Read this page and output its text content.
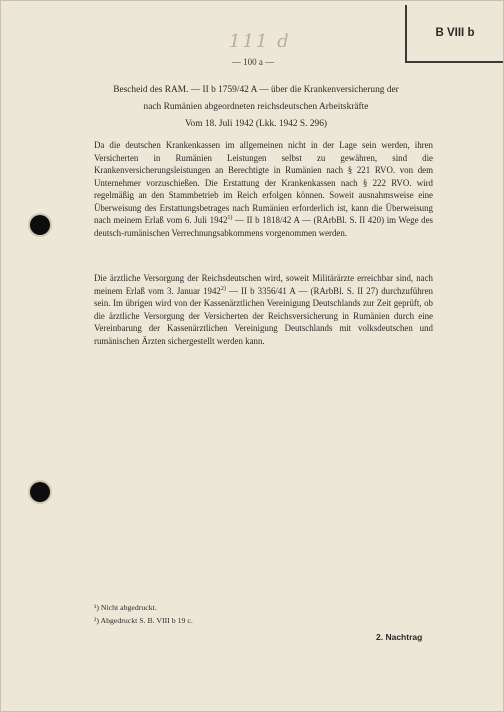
B VIII b
111 d
— 100 a —
Bescheid des RAM. — II b 1759/42 A — über die Krankenversicherung der
nach Rumänien abgeordneten reichsdeutschen Arbeitskräfte
Vom 18. Juli 1942 (Lkk. 1942 S. 296)
Da die deutschen Krankenkassen im allgemeinen nicht in der Lage sein werden, ihren Versicherten in Rumänien Leistungen selbst zu gewähren, sind die Krankenversicherungsleistungen an Berechtigte in Rumänien nach § 221 RVO. von dem Unternehmer vorzuschießen. Die Erstattung der Krankenkassen nach § 222 RVO. wird regelmäßig an den Stammbetrieb im Reich erfolgen können. Soweit ausnahmsweise eine Überweisung des Erstattungsbetrages nach Rumänien erforderlich ist, kann die Überweisung nach meinem Erlaß vom 6. Juli 1942$^{1)}$ — II b 1818/42 A — (RArbBl. S. II 420) im Wege des deutsch-rumänischen Verrechnungsabkommens vorgenommen werden.
Die ärztliche Versorgung der Reichsdeutschen wird, soweit Militärärzte erreichbar sind, nach meinem Erlaß vom 3. Januar 1942$^{2)}$ — II b 3356/41 A — (RArbBl. S. II 27) durchzuführen sein. Im übrigen wird von der Kassenärztlichen Vereinigung Deutschlands zur Zeit geprüft, ob die ärztliche Versorgung der Versicherten der Reichsversicherung in Rumänien durch eine Vereinbarung der Kassenärztlichen Vereinigung Deutschlands mit volksdeutschen und rumänischen Ärzten sichergestellt werden kann.
¹) Nicht abgedruckt.
²) Abgedruckt S. B. VIII b 19 c.
2. Nachtrag
